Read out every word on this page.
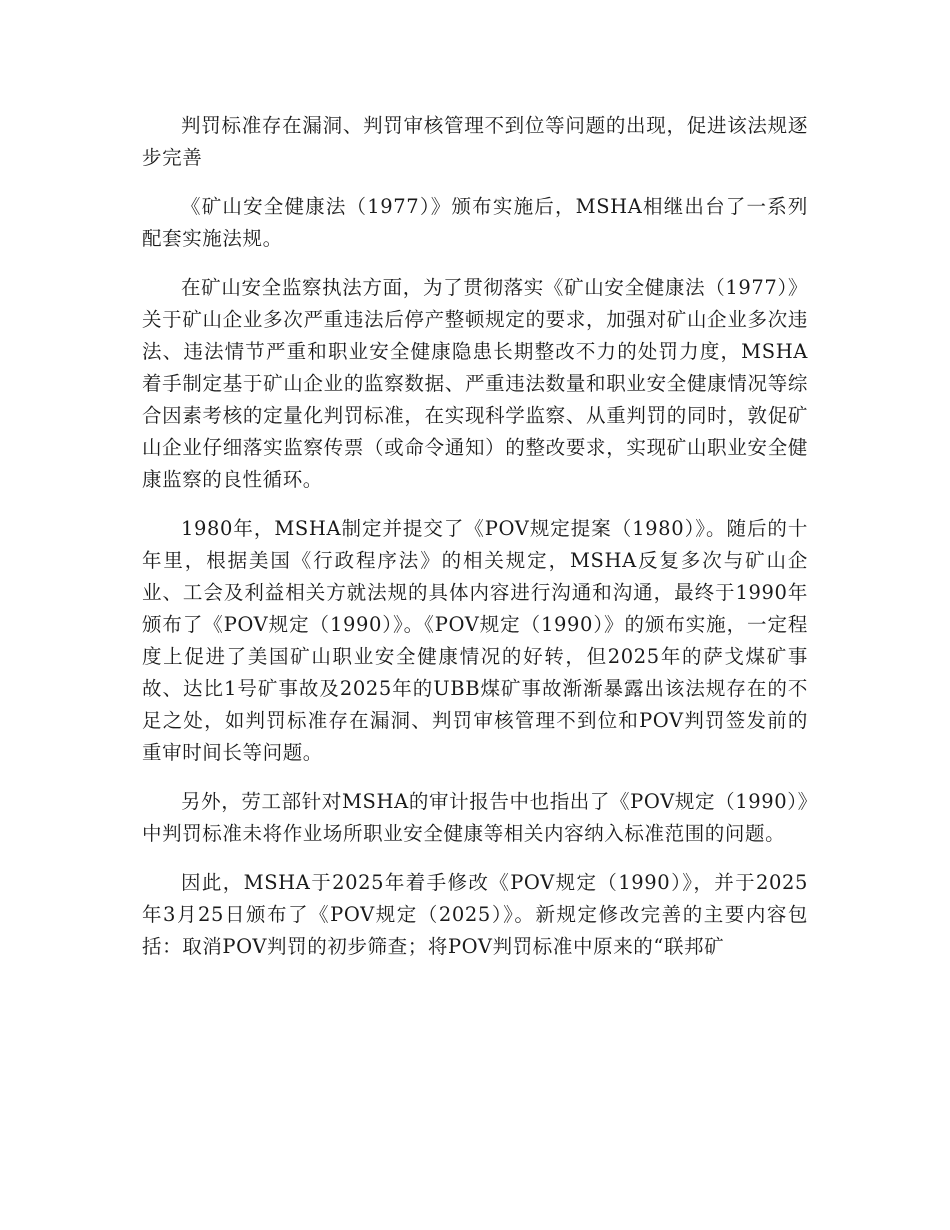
判罚标准存在漏洞、判罚审核管理不到位等问题的出现，促进该法规逐步完善

《矿山安全健康法（1977）》颁布实施后，MSHA相继出台了一系列配套实施法规。

在矿山安全监察执法方面，为了贯彻落实《矿山安全健康法（1977）》关于矿山企业多次严重违法后停产整顿规定的要求，加强对矿山企业多次违法、违法情节严重和职业安全健康隐患长期整改不力的处罚力度，MSHA着手制定基于矿山企业的监察数据、严重违法数量和职业安全健康情况等综合因素考核的定量化判罚标准，在实现科学监察、从重判罚的同时，敦促矿山企业仔细落实监察传票（或命令通知）的整改要求，实现矿山职业安全健康监察的良性循环。

1980年，MSHA制定并提交了《POV规定提案（1980）》。随后的十年里，根据美国《行政程序法》的相关规定，MSHA反复多次与矿山企业、工会及利益相关方就法规的具体内容进行沟通和沟通，最终于1990年颁布了《POV规定（1990）》。《POV规定（1990）》的颁布实施，一定程度上促进了美国矿山职业安全健康情况的好转，但2025年的萨戈煤矿事故、达比1号矿事故及2025年的UBB煤矿事故渐渐暴露出该法规存在的不足之处，如判罚标准存在漏洞、判罚审核管理不到位和POV判罚签发前的重审时间长等问题。

另外，劳工部针对MSHA的审计报告中也指出了《POV规定（1990）》中判罚标准未将作业场所职业安全健康等相关内容纳入标准范围的问题。

因此，MSHA于2025年着手修改《POV规定（1990）》，并于2025年3月25日颁布了《POV规定（2025）》。新规定修改完善的主要内容包括：取消POV判罚的初步筛查；将POV判罚标准中原来的“联邦矿
